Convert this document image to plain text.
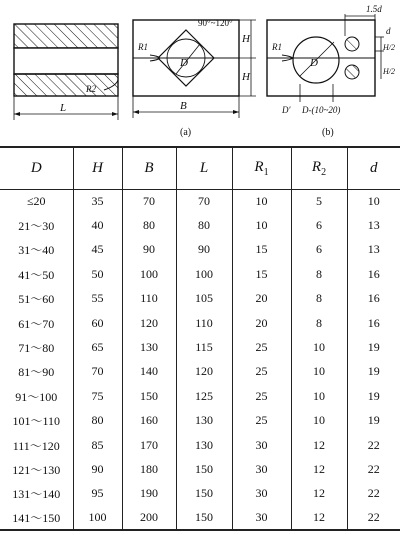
L
R2
90°~120°
R1
D
H
H
B
(a)
1.5d
d
H/2
H/2
R1
D
D' D-(10~20)
(b)
D	H	B	L	$R_1$	$R_2$	d
≤20	35	70	70	10	5	10
21～30	40	80	80	10	6	13
31～40	45	90	90	15	6	13
41～50	50	100	100	15	8	16
51～60	55	110	105	20	8	16
61～70	60	120	110	20	8	16
71～80	65	130	115	25	10	19
81～90	70	140	120	25	10	19
91～100	75	150	125	25	10	19
101～110	80	160	130	25	10	19
111～120	85	170	130	30	12	22
121～130	90	180	150	30	12	22
131～140	95	190	150	30	12	22
141～150	100	200	150	30	12	22
